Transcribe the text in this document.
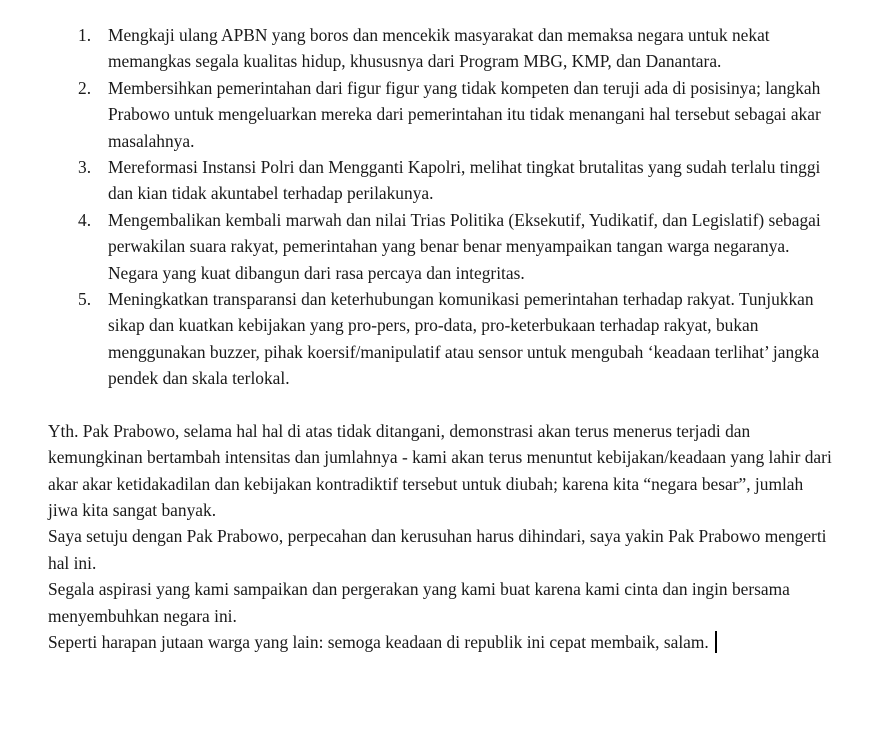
1. Mengkaji ulang APBN yang boros dan mencekik masyarakat dan memaksa negara untuk nekat memangkas segala kualitas hidup, khususnya dari Program MBG, KMP, dan Danantara.
2. Membersihkan pemerintahan dari figur figur yang tidak kompeten dan teruji ada di posisinya; langkah Prabowo untuk mengeluarkan mereka dari pemerintahan itu tidak menangani hal tersebut sebagai akar masalahnya.
3. Mereformasi Instansi Polri dan Mengganti Kapolri, melihat tingkat brutalitas yang sudah terlalu tinggi dan kian tidak akuntabel terhadap perilakunya.
4. Mengembalikan kembali marwah dan nilai Trias Politika (Eksekutif, Yudikatif, dan Legislatif) sebagai perwakilan suara rakyat, pemerintahan yang benar benar menyampaikan tangan warga negaranya. Negara yang kuat dibangun dari rasa percaya dan integritas.
5. Meningkatkan transparansi dan keterhubungan komunikasi pemerintahan terhadap rakyat. Tunjukkan sikap dan kuatkan kebijakan yang pro-pers, pro-data, pro-keterbukaan terhadap rakyat, bukan menggunakan buzzer, pihak koersif/manipulatif atau sensor untuk mengubah ‘keadaan terlihat’ jangka pendek dan skala terlokal.

Yth. Pak Prabowo, selama hal hal di atas tidak ditangani, demonstrasi akan terus menerus terjadi dan kemungkinan bertambah intensitas dan jumlahnya - kami akan terus menuntut kebijakan/keadaan yang lahir dari akar akar ketidakadilan dan kebijakan kontradiktif tersebut untuk diubah; karena kita “negara besar”, jumlah jiwa kita sangat banyak.

Saya setuju dengan Pak Prabowo, perpecahan dan kerusuhan harus dihindari, saya yakin Pak Prabowo mengerti hal ini.

Segala aspirasi yang kami sampaikan dan pergerakan yang kami buat karena kami cinta dan ingin bersama menyembuhkan negara ini.

Seperti harapan jutaan warga yang lain: semoga keadaan di republik ini cepat membaik, salam.
